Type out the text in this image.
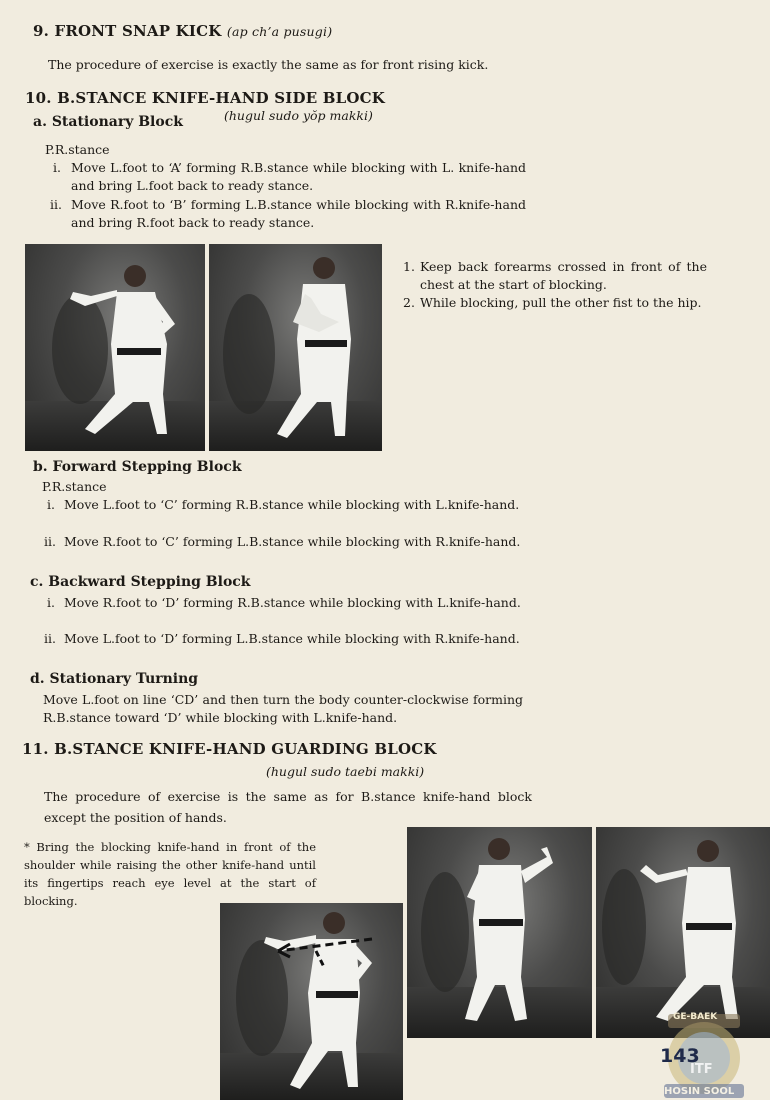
9. FRONT SNAP KICK (ap ch’a pusugi)
The procedure of exercise is exactly the same as for front rising kick.
10. B.STANCE KNIFE-HAND SIDE BLOCK
a. Stationary Block	(hugul sudo yŏp makki)
P.R.stance
i. Move L.foot to ‘A’ forming R.B.stance while blocking with L. knife-hand and bring L.foot back to ready stance.
ii. Move R.foot to ‘B’ forming L.B.stance while blocking with R.knife-hand and bring R.foot back to ready stance.
1. Keep back forearms crossed in front of the chest at the start of blocking.
2. While blocking, pull the other fist to the hip.
b. Forward Stepping Block
P.R.stance
i. Move L.foot to ‘C’ forming R.B.stance while blocking with L.knife-hand.
ii. Move R.foot to ‘C’ forming L.B.stance while blocking with R.knife-hand.
c. Backward Stepping Block
i. Move R.foot to ‘D’ forming R.B.stance while blocking with L.knife-hand.
ii. Move L.foot to ‘D’ forming L.B.stance while blocking with R.knife-hand.
d. Stationary Turning
Move L.foot on line ‘CD’ and then turn the body counter-clockwise forming R.B.stance toward ‘D’ while blocking with L.knife-hand.
11. B.STANCE KNIFE-HAND GUARDING BLOCK
(hugul sudo taebi makki)
The procedure of exercise is the same as for B.stance knife-hand block except the position of hands.
* Bring the blocking knife-hand in front of the shoulder while raising the other knife-hand until its fingertips reach eye level at the start of blocking.
GE-BAEK
ITF
HOSIN SOOL
143
